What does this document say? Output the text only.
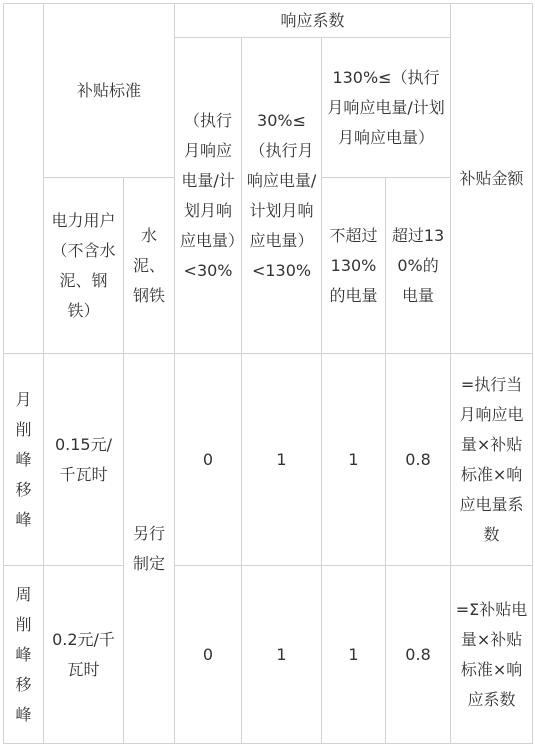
	补贴标准		响应系数				补贴金额
			（执行月响应电量/计划月响应电量）<30%	30%≤（执行月响应电量/计划月响应电量）<130%	130%≤（执行月响应电量/计划月响应电量）		
	电力用户（不含水泥、钢铁）	水泥、钢铁			不超过130%的电量	超过130%的电量	
月削峰移峰	0.15元/千瓦时	另行制定	0	1	1	0.8	=执行当月响应电量×补贴标准×响应电量系数
周削峰移峰	0.2元/千瓦时		0	1	1	0.8	=Σ补贴电量×补贴标准×响应系数
